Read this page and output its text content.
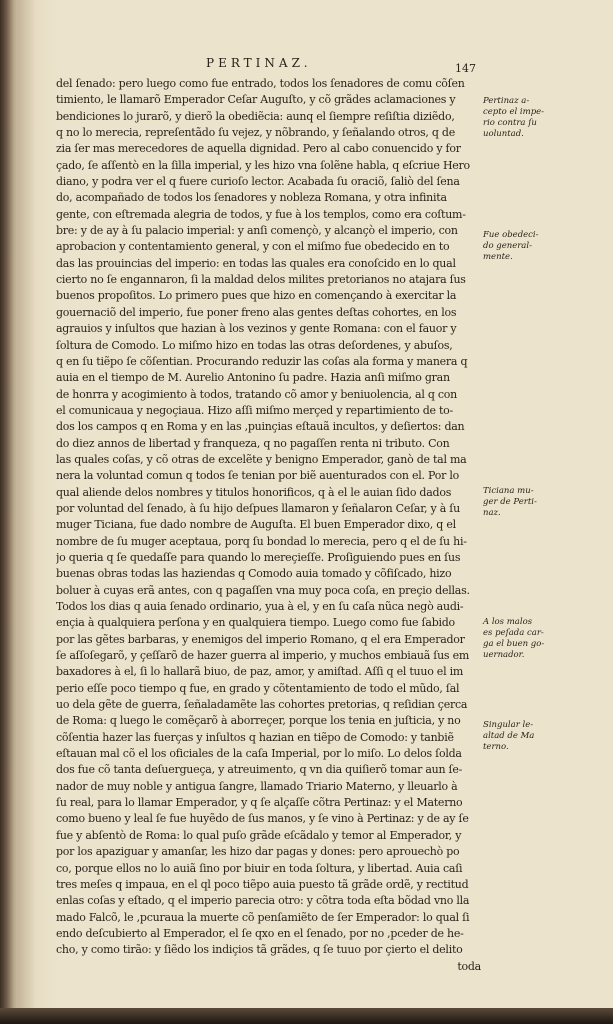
PERTINAZ.	147
del ſenado: pero luego como fue entrado, todos los ſenadores de comu cõſen
timiento, le llamarõ Emperador Ceſar Auguſto, y cõ grãdes aclamaciones y
bendiciones lo jurarõ, y dierõ la obediẽcia: aunq el ſiempre reſiſtia diziẽdo,
q no lo merecia, repreſentãdo ſu vejez, y nõbrando, y ſeñalando otros, q de
zia ſer mas merecedores de aquella dignidad. Pero al cabo conuencido y for
çado, ſe aſſentò en la ſilla imperial, y les hizo vna ſolẽne habla, q eſcriue Hero
diano, y podra ver el q fuere curioſo lector. Acabada ſu oraciõ, ſaliò del ſena
do, acompañado de todos los ſenadores y nobleza Romana, y otra infinita
gente, con eſtremada alegria de todos, y fue à los templos, como era coſtum-
bre: y de ay à ſu palacio imperial: y anſi començò, y alcançò el imperio, con
aprobacion y contentamiento general, y con el miſmo fue obedecido en to
das las prouincias del imperio: en todas las quales era conoſcido en lo qual
cierto no ſe engannaron, ſi la maldad delos milites pretorianos no atajara ſus
buenos propoſitos. Lo primero pues que hizo en començando à exercitar la
gouernaciõ del imperio, fue poner freno alas gentes deſtas cohortes, en los
agrauios y inſultos que hazian à los vezinos y gente Romana: con el fauor y
ſoltura de Comodo. Lo miſmo hizo en todas las otras deſordenes, y abuſos,
q en ſu tiẽpo ſe cõſentian. Procurando reduzir las coſas ala forma y manera q
auia en el tiempo de M. Aurelio Antonino ſu padre. Hazia anſi miſmo gran
de honrra y acogimiento à todos, tratando cõ amor y beniuolencia, al q con
el comunicaua y negoçiaua. Hizo aſſi miſmo merçed y repartimiento de to-
dos los campos q en Roma y en las ,puinçias eſtauã incultos, y deſiertos: dan
do diez annos de libertad y franqueza, q no pagaſſen renta ni tributo. Con
las quales coſas, y cõ otras de excelẽte y benigno Emperador, ganò de tal ma
nera la voluntad comun q todos ſe tenian por biẽ auenturados con el. Por lo
qual aliende delos nombres y titulos honorificos, q à el le auian ſido dados
por voluntad del ſenado, à ſu hijo deſpues llamaron y ſeñalaron Ceſar, y à ſu
muger Ticiana, fue dado nombre de Auguſta. El buen Emperador dixo, q el
nombre de ſu muger aceptaua, porq ſu bondad lo merecia, pero q el de ſu hi-
jo queria q ſe quedaſſe para quando lo mereçieſſe. Proſiguiendo pues en ſus
buenas obras todas las haziendas q Comodo auia tomado y cõfiſcado, hizo
boluer à cuyas erã antes, con q pagaſſen vna muy poca coſa, en preçio dellas.
Todos los dias q auia ſenado ordinario, yua à el, y en ſu caſa nũca negò audi-
ençia à qualquiera perſona y en qualquiera tiempo. Luego como fue ſabido
por las gẽtes barbaras, y enemigos del imperio Romano, q el era Emperador
ſe aſſoſegarõ, y çeſſarõ de hazer guerra al imperio, y muchos embiauã ſus em
baxadores à el, ſi lo hallarã biuo, de paz, amor, y amiſtad. Aſſi q el tuuo el im
perio eſſe poco tiempo q fue, en grado y cõtentamiento de todo el mũdo, ſal
uo dela gẽte de guerra, ſeñaladamẽte las cohortes pretorias, q reſidian çerca
de Roma: q luego le comẽçarõ à aborreçer, porque los tenia en juſticia, y no
cõſentia hazer las fuerças y inſultos q hazian en tiẽpo de Comodo: y tanbiẽ
eſtauan mal cõ el los oficiales de la caſa Imperial, por lo miſo. Lo delos ſolda
dos fue cõ tanta deſuergueça, y atreuimento, q vn dia quiſierõ tomar aun ſe-
nador de muy noble y antigua ſangre, llamado Triario Materno, y lleuarlo à
ſu real, para lo llamar Emperador, y q ſe alçaſſe cõtra Pertinaz: y el Materno
como bueno y leal ſe fue huyẽdo de ſus manos, y ſe vino à Pertinaz: y de ay ſe
fue y abſentò de Roma: lo qual puſo grãde eſcãdalo y temor al Emperador, y
por los apaziguar y amanſar, les hizo dar pagas y dones: pero aprouechò po
co, porque ellos no lo auiã ſino por biuir en toda ſoltura, y libertad. Auia caſi
tres meſes q impaua, en el ql poco tiẽpo auia puesto tã grãde ordẽ, y rectitud
enlas coſas y eſtado, q el imperio parecia otro: y cõtra toda eſta bõdad vno lla
mado Falcõ, le ,pcuraua la muerte cõ penſamiẽto de ſer Emperador: lo qual ſi
endo deſcubierto al Emperador, el ſe qxo en el ſenado, por no ,pceder de he-
cho, y como tirão: y ſiẽdo los indiçios tã grãdes, q ſe tuuo por çierto el delito
toda
Pertinaz a-
cepto el impe-
rio contra ſu
uoluntad.
Fue obedeci-
do general-
mente.
Ticiana mu-
ger de Perti-
naz.
A los malos
es peſada car-
ga el buen go-
uernador.
Singular le-
altad de Ma
terno.
